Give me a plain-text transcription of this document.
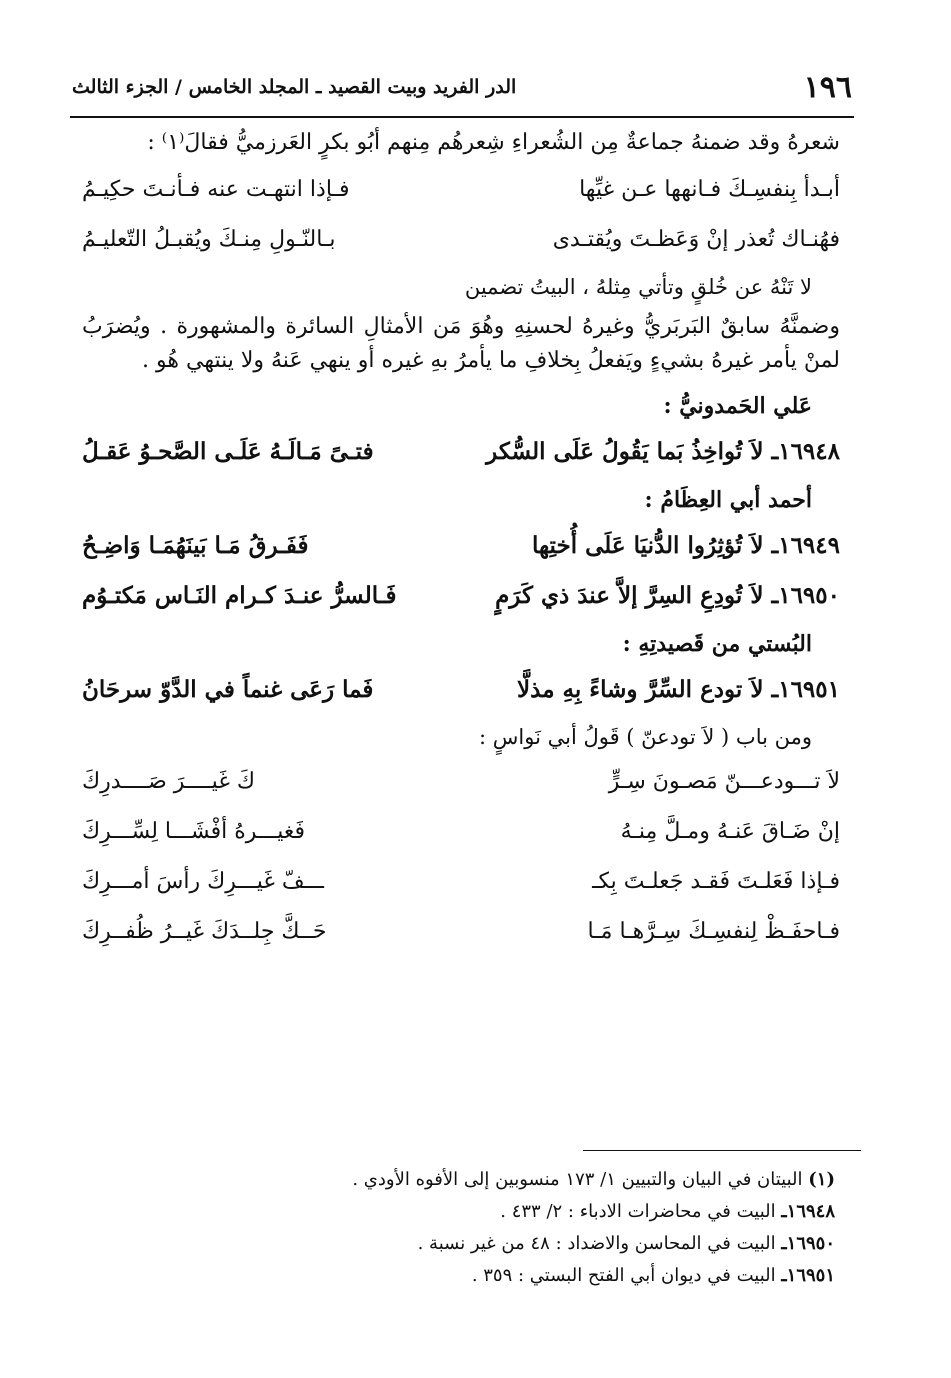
١٩٦
الدر الفريد وبيت القصيد ـ المجلد الخامس / الجزء الثالث

شعرهُ وقد ضمنهُ جماعةٌ مِن الشُعراءِ شِعرهُم مِنهم أبُو بكرٍ العَرزميُّ فقالَ⁽١⁾ :

أبـدأ بِنفسِـكَ فـانهها عـن غيِّها
فـإذا انتهـت عنه فـأنـتَ حكِيـمُ
فهُنـاك تُعذر إنْ وَعَظـتَ ويُقتـدى
بـالنّـولِ مِنـكَ ويُقبـلُ التّعليـمُ

لا تَنْهُ عن خُلقٍ وتأتي مِثلهُ ، البيتُ تضمين

وضمنَّهُ سابقٌ البَربَريُّ وغيرهُ لحسنِهِ وهُوَ مَن الأمثالِ السائرة والمشهورة . ويُضرَبُ لمنْ يأمر غيرهُ بشيءٍ ويَفعلُ بِخلافِ ما يأمرُ بهِ غيره أو ينهي عَنهُ ولا ينتهي هُو .

عَلي الحَمدونيُّ :
١٦٩٤٨ـ لاَ تُواخِذُ بَما يَقُولُ عَلَى السُّكر
فتـىً مَـالَـهُ عَلَـى الصَّحـوُ عَقـلُ
أحمد أبي العِظَامُ :
١٦٩٤٩ـ لاَ تُؤثِرُوا الدُّنيَا عَلَى أُختِها
فَفَـرقُ مَـا بَينَهُمَـا وَاضِـحُ
١٦٩٥٠ـ لاَ تُودِعِ السِرَّ إلاَّ عندَ ذي كَرَمٍ
فَـالسرُّ عنـدَ كـرام النَـاس مَكتـوُم
البُستي من قَصيدتِهِ :
١٦٩٥١ـ لاَ تودع السِّرَّ وشاءً بِهِ مذلَّا
فَما رَعَى غنماً في الدَّوّ سرحَانُ

ومن باب ( لاَ تودعنّ ) قَولُ أبي نَواسٍ :

لاَ تـــودعـــنّ مَصـونَ سِـرٍّ
كَ غَيــــرَ صَــــدرِكَ
إنْ ضَـاقَ عَنـهُ ومـلَّ مِنـهُ
فَغيـــرهُ أفْشَـــا لِسِّـــرِكَ
فـإذا فَعَلـتَ فَقـد جَعلـتَ بِكـ
ـــفّ غَيـــرِكَ رأسَ أمـــرِكَ
فـاحفَـظْ لِنفسِـكَ سِـرَّهـا مَـا
حَــكَّ جِلــدَكَ غَيــرُ ظُفــرِكَ

(١) البيتان في البيان والتبيين ١/ ١٧٣ منسوبين إلى الأفوه الأودي .

١٦٩٤٨ـ البيت في محاضرات الادباء : ٢/ ٤٣٣ .

١٦٩٥٠ـ البيت في المحاسن والاضداد : ٤٨ من غير نسبة .

١٦٩٥١ـ البيت في ديوان أبي الفتح البستي : ٣٥٩ .
